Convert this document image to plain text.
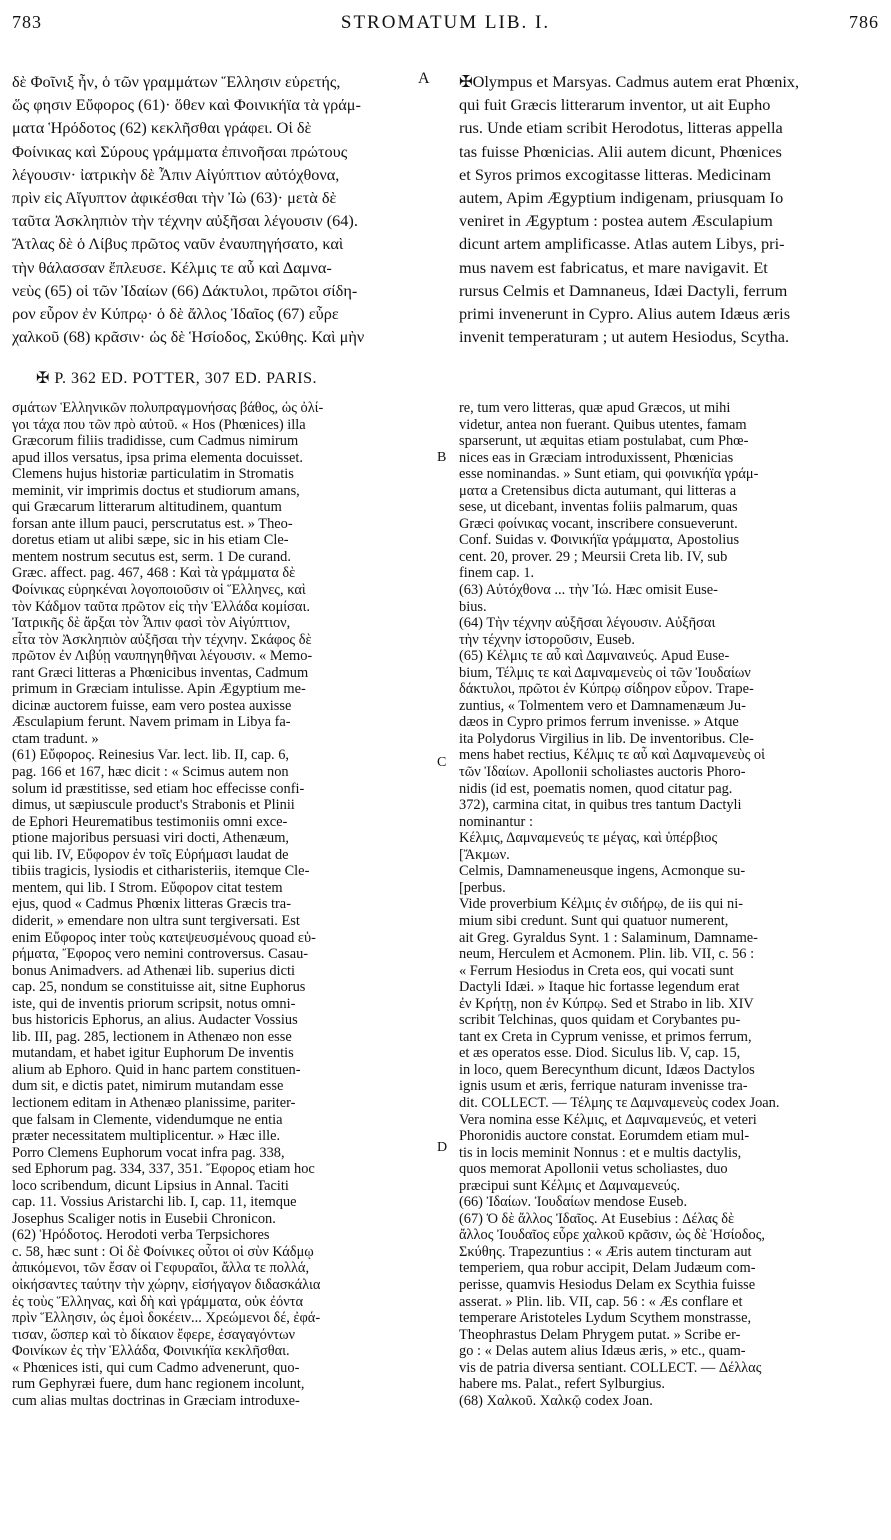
783	STROMATUM LIB. I.	786
A
B
C
D

δὲ Φοῖνιξ ἦν, ὁ τῶν γραμμάτων Ἕλλησιν εὑρετής,

ὥς φησιν Εὔφορος (61)· ὅθεν καὶ Φοινικήϊα τὰ γράμ-

ματα Ἡρόδοτος (62) κεκλῆσθαι γράφει. Οἱ δὲ

Φοίνικας καὶ Σύρους γράμματα ἐπινοῆσαι πρώτους

λέγουσιν· ἰατρικὴν δὲ Ἆπιν Αἰγύπτιον αὐτόχθονα,

πρὶν εἰς Αἴγυπτον ἀφικέσθαι τὴν Ἰὼ (63)· μετὰ δὲ

ταῦτα Ἀσκληπιὸν τὴν τέχνην αὐξῆσαι λέγουσιν (64).

Ἄτλας δὲ ὁ Λίβυς πρῶτος ναῦν ἐναυπηγήσατο, καὶ

τὴν θάλασσαν ἔπλευσε. Κέλμις τε αὖ καὶ Δαμνα-

νεὺς (65) οἱ τῶν Ἰδαίων (66) Δάκτυλοι, πρῶτοι σίδη-

ρον εὗρον ἐν Κύπρῳ· ὁ δὲ ἄλλος Ἰδαῖος (67) εὗρε

χαλκοῦ (68) κρᾶσιν· ὡς δὲ Ἡσίοδος, Σκύθης. Καὶ μὴν

✠Olympus et Marsyas. Cadmus autem erat Phœnix,

qui fuit Græcis litterarum inventor, ut ait Eupho

rus. Unde etiam scribit Herodotus, litteras appella

tas fuisse Phœnicias. Alii autem dicunt, Phœnices

et Syros primos excogitasse litteras. Medicinam

autem, Apim Ægyptium indigenam, priusquam Io

veniret in Ægyptum : postea autem Æsculapium

dicunt artem amplificasse. Atlas autem Libys, pri-

mus navem est fabricatus, et mare navigavit. Et

rursus Celmis et Damnaneus, Idæi Dactyli, ferrum

primi invenerunt in Cypro. Alius autem Idæus æris

invenit temperaturam ; ut autem Hesiodus, Scytha.

✠ P. 362 ED. POTTER, 307 ED. PARIS.

σμάτων Ἑλληνικῶν πολυπραγμονήσας βάθος, ὡς ὀλί-

γοι τάχα που τῶν πρὸ αὐτοῦ. « Hos (Phœnices) illa

Græcorum filiis tradidisse, cum Cadmus nimirum

apud illos versatus, ipsa prima elementa docuisset.

Clemens hujus historiæ particulatim in Stromatis

meminit, vir imprimis doctus et studiorum amans,

qui Græcarum litterarum altitudinem, quantum

forsan ante illum pauci, perscrutatus est. » Theo-

doretus etiam ut alibi sæpe, sic in his etiam Cle-

mentem nostrum secutus est, serm. 1 De curand.

Græc. affect. pag. 467, 468 : Καὶ τὰ γράμματα δὲ

Φοίνικας εὑρηκέναι λογοποιοῦσιν οἱ Ἕλληνες, καὶ

τὸν Κάδμον ταῦτα πρῶτον εἰς τὴν Ἑλλάδα κομίσαι.

Ἰατρικῆς δὲ ἄρξαι τὸν Ἆπιν φασὶ τὸν Αἰγύπτιον,

εἶτα τὸν Ἀσκληπιὸν αὐξῆσαι τὴν τέχνην. Σκάφος δὲ

πρῶτον ἐν Λιβύῃ ναυπηγηθῆναι λέγουσιν. « Memo-

rant Græci litteras a Phœnicibus inventas, Cadmum

primum in Græciam intulisse. Apin Ægyptium me-

dicinæ auctorem fuisse, eam vero postea auxisse

Æsculapium ferunt. Navem primam in Libya fa-

ctam tradunt. »

(61) Εὔφορος. Reinesius Var. lect. lib. II, cap. 6,

pag. 166 et 167, hæc dicit : « Scimus autem non

solum id præstitisse, sed etiam hoc effecisse confi-

dimus, ut sæpiuscule product's Strabonis et Plinii

de Ephori Heurematibus testimoniis omni exce-

ptione majoribus persuasi viri docti, Athenæum,

qui lib. IV, Εὔφορον ἐν τοῖς Εὑρήμασι laudat de

tibiis tragicis, lysiodis et citharisteriis, itemque Cle-

mentem, qui lib. I Strom. Εὔφορον citat testem

ejus, quod « Cadmus Phœnix litteras Græcis tra-

diderit, » emendare non ultra sunt tergiversati. Est

enim Εὔφορος inter τοὺς κατεψευσμένους quoad εὑ-

ρήματα, Ἔφορος vero nemini controversus. Casau-

bonus Animadvers. ad Athenæi lib. superius dicti

cap. 25, nondum se constituisse ait, sitne Euphorus

iste, qui de inventis priorum scripsit, notus omni-

bus historicis Ephorus, an alius. Audacter Vossius

lib. III, pag. 285, lectionem in Athenæo non esse

mutandam, et habet igitur Euphorum De inventis

alium ab Ephoro. Quid in hanc partem constituen-

dum sit, e dictis patet, nimirum mutandam esse

lectionem editam in Athenæo planissime, pariter-

que falsam in Clemente, videndumque ne entia

præter necessitatem multiplicentur. » Hæc ille.

Porro Clemens Euphorum vocat infra pag. 338,

sed Ephorum pag. 334, 337, 351. Ἔφορος etiam hoc

loco scribendum, dicunt Lipsius in Annal. Taciti

cap. 11. Vossius Aristarchi lib. I, cap. 11, itemque

Josephus Scaliger notis in Eusebii Chronicon.

(62) Ἡρόδοτος. Herodoti verba Terpsichores

c. 58, hæc sunt : Οἱ δὲ Φοίνικες οὗτοι οἱ σὺν Κάδμῳ

ἀπικόμενοι, τῶν ἔσαν οἱ Γεφυραῖοι, ἄλλα τε πολλά,

οἰκήσαντες ταύτην τὴν χώρην, εἰσήγαγον διδασκάλια

ἐς τοὺς Ἕλληνας, καὶ δὴ καὶ γράμματα, οὐκ ἐόντα

πρὶν Ἕλλησιν, ὡς ἐμοὶ δοκέειν... Χρεώμενοι δέ, ἐφά-

τισαν, ὥσπερ καὶ τὸ δίκαιον ἔφερε, ἐσαγαγόντων

Φοινίκων ἐς τὴν Ἑλλάδα, Φοινικήϊα κεκλῆσθαι.

« Phœnices isti, qui cum Cadmo advenerunt, quo-

rum Gephyræi fuere, dum hanc regionem incolunt,

cum alias multas doctrinas in Græciam introduxe-

re, tum vero litteras, quæ apud Græcos, ut mihi

videtur, antea non fuerant. Quibus utentes, famam

sparserunt, ut æquitas etiam postulabat, cum Phœ-

nices eas in Græciam introduxissent, Phœnicias

esse nominandas. » Sunt etiam, qui φοινικήϊα γράμ-

ματα a Cretensibus dicta autumant, qui litteras a

sese, ut dicebant, inventas foliis palmarum, quas

Græci φοίνικας vocant, inscribere consueverunt.

Conf. Suidas v. Φοινικήϊα γράμματα, Apostolius

cent. 20, prover. 29 ; Meursii Creta lib. IV, sub

finem cap. 1.

(63) Αὐτόχθονα ... τὴν Ἰώ. Hæc omisit Euse-

bius.

(64) Τὴν τέχνην αὐξῆσαι λέγουσιν. Αὐξῆσαι

τὴν τέχνην ἱστοροῦσιν, Euseb.

(65) Κέλμις τε αὖ καὶ Δαμναινεύς. Apud Euse-

bium, Τέλμις τε καὶ Δαμναμενεὺς οἱ τῶν Ἰουδαίων

δάκτυλοι, πρῶτοι ἐν Κύπρῳ σίδηρον εὗρον. Trape-

zuntius, « Tolmentem vero et Damnamenæum Ju-

dæos in Cypro primos ferrum invenisse. » Atque

ita Polydorus Virgilius in lib. De inventoribus. Cle-

mens habet rectius, Κέλμις τε αὖ καὶ Δαμναμενεὺς οἱ

τῶν Ἰδαίων. Apollonii scholiastes auctoris Phoro-

nidis (id est, poematis nomen, quod citatur pag.

372), carmina citat, in quibus tres tantum Dactyli

nominantur :

Κέλμις, Δαμναμενεύς τε μέγας, καὶ ὑπέρβιος

[Ἄκμων.

Celmis, Damnameneusque ingens, Acmonque su-

[perbus.

Vide proverbium Κέλμις ἐν σιδήρῳ, de iis qui ni-

mium sibi credunt. Sunt qui quatuor numerent,

ait Greg. Gyraldus Synt. 1 : Salaminum, Damname-

neum, Herculem et Acmonem. Plin. lib. VII, c. 56 :

« Ferrum Hesiodus in Creta eos, qui vocati sunt

Dactyli Idæi. » Itaque hic fortasse legendum erat

ἐν Κρήτῃ, non ἐν Κύπρῳ. Sed et Strabo in lib. XIV

scribit Telchinas, quos quidam et Corybantes pu-

tant ex Creta in Cyprum venisse, et primos ferrum,

et æs operatos esse. Diod. Siculus lib. V, cap. 15,

in loco, quem Berecynthum dicunt, Idæos Dactylos

ignis usum et æris, ferrique naturam invenisse tra-

dit. COLLECT. — Τέλμης τε Δαμναμενεὺς codex Joan.

Vera nomina esse Κέλμις, et Δαμναμενεύς, et veteri

Phoronidis auctore constat. Eorumdem etiam mul-

tis in locis meminit Nonnus : et e multis dactylis,

quos memorat Apollonii vetus scholiastes, duo

præcipui sunt Κέλμις et Δαμναμενεύς.

(66) Ἰδαίων. Ἰουδαίων mendose Euseb.

(67) Ὁ δὲ ἄλλος Ἰδαῖος. At Eusebius : Δέλας δὲ

ἄλλος Ἰουδαῖος εὗρε χαλκοῦ κρᾶσιν, ὡς δὲ Ἡσίοδος,

Σκύθης. Trapezuntius : « Æris autem tincturam aut

temperiem, qua robur accipit, Delam Judæum com-

perisse, quamvis Hesiodus Delam ex Scythia fuisse

asserat. » Plin. lib. VII, cap. 56 : « Æs conflare et

temperare Aristoteles Lydum Scythem monstrasse,

Theophrastus Delam Phrygem putat. » Scribe er-

go : « Delas autem alius Idæus æris, » etc., quam-

vis de patria diversa sentiant. COLLECT. — Δέλλας

habere ms. Palat., refert Sylburgius.

(68) Χαλκοῦ. Χαλκῷ codex Joan.
